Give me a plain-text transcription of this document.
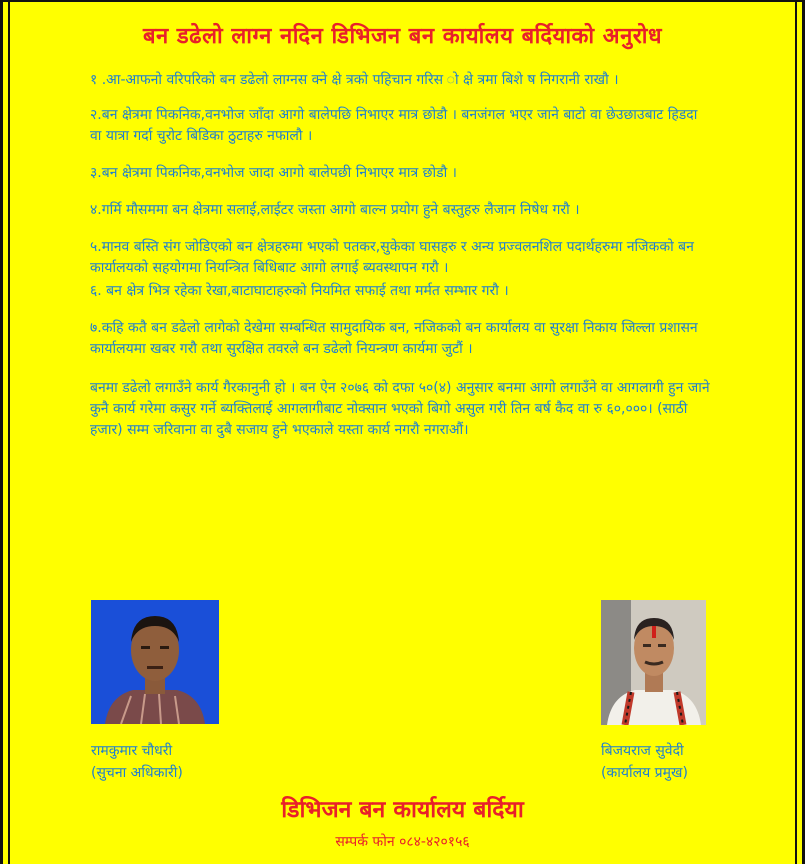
बन डढेलो लाग्न नदिन डिभिजन बन कार्यालय बर्दियाको अनुरोध

१ .आ-आफनो वरिपरिको बन डढेलो लाग्नस क्ने क्षे त्रको पहिचान गरिस ो क्षे त्रमा बिशे ष निगरानी राखौ ।

२.बन क्षेत्रमा पिकनिक,वनभोज जाँदा आगो बालेपछि निभाएर मात्र छोडौ । बनजंगल भएर जाने बाटो वा छेउछाउबाट हिडदा वा यात्रा गर्दा चुरोट बिडिका ठुटाहरु नफालौ ।

३.बन क्षेत्रमा पिकनिक,वनभोज जादा आगो बालेपछी निभाएर मात्र छोडौ ।

४.गर्मि मौसममा बन क्षेत्रमा सलाई,लाईटर जस्ता आगो बाल्न प्रयोग हुने बस्तुहरु लैजान निषेध गरौ ।

५.मानव बस्ति संग जोडिएको बन क्षेत्रहरुमा भएको पतकर,सुकेका घासहरु र अन्य प्रज्वलनशिल पदार्थहरुमा नजिकको बन कार्यालयको सहयोगमा नियन्त्रित बिधिबाट आगो लगाई ब्यवस्थापन गरौ ।

६. बन क्षेत्र भित्र रहेका रेखा,बाटाघाटाहरुको नियमित सफाई तथा मर्मत सम्भार गरौ ।

७.कहि कतै बन डढेलो लागेको देखेमा सम्बन्धित सामुदायिक बन, नजिकको बन कार्यालय वा सुरक्षा निकाय जिल्ला प्रशासन कार्यालयमा खबर गरौ तथा सुरक्षित तवरले बन डढेलो नियन्त्रण कार्यमा जुटौं ।

बनमा डढेलो लगाउँने कार्य गैरकानुनी हो । बन ऐन २०७६ को दफा ५०(४) अनुसार बनमा आगो लगाउँने वा आगलागी हुन जाने कुनै कार्य गरेमा कसुर गर्ने ब्यक्तिलाई आगलागीबाट नोक्सान भएको बिगो असुल गरी तिन बर्ष कैद वा रु ६०,०००। (साठी हजार) सम्म जरिवाना वा दुबै सजाय हुने भएकाले यस्ता कार्य नगरौ नगराऔं।

रामकुमार चौधरी
(सुचना अधिकारी)
बिजयराज सुवेदी
(कार्यालय प्रमुख)
डिभिजन बन कार्यालय बर्दिया
सम्पर्क फोन ०८४-४२०१५६
